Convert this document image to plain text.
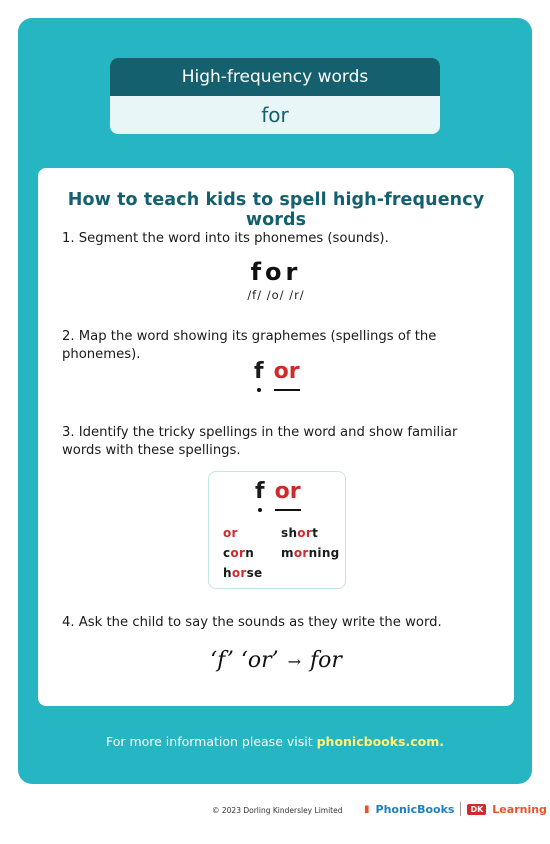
High-frequency words
for
How to teach kids to spell high-frequency words
1. Segment the word into its phonemes (sounds).
for
/f/ /o/ /r/
2. Map the word showing its graphemes (spellings of the phonemes).
f or
3. Identify the tricky spellings in the word and show familiar words with these spellings.
f or
or	short
corn morning
horse
4. Ask the child to say the sounds as they write the word.
‘f’ ‘or’ → for
For more information please visit phonicbooks.com.
© 2023 Dorling Kindersley Limited ▮ PhonicBooks	DK Learning
